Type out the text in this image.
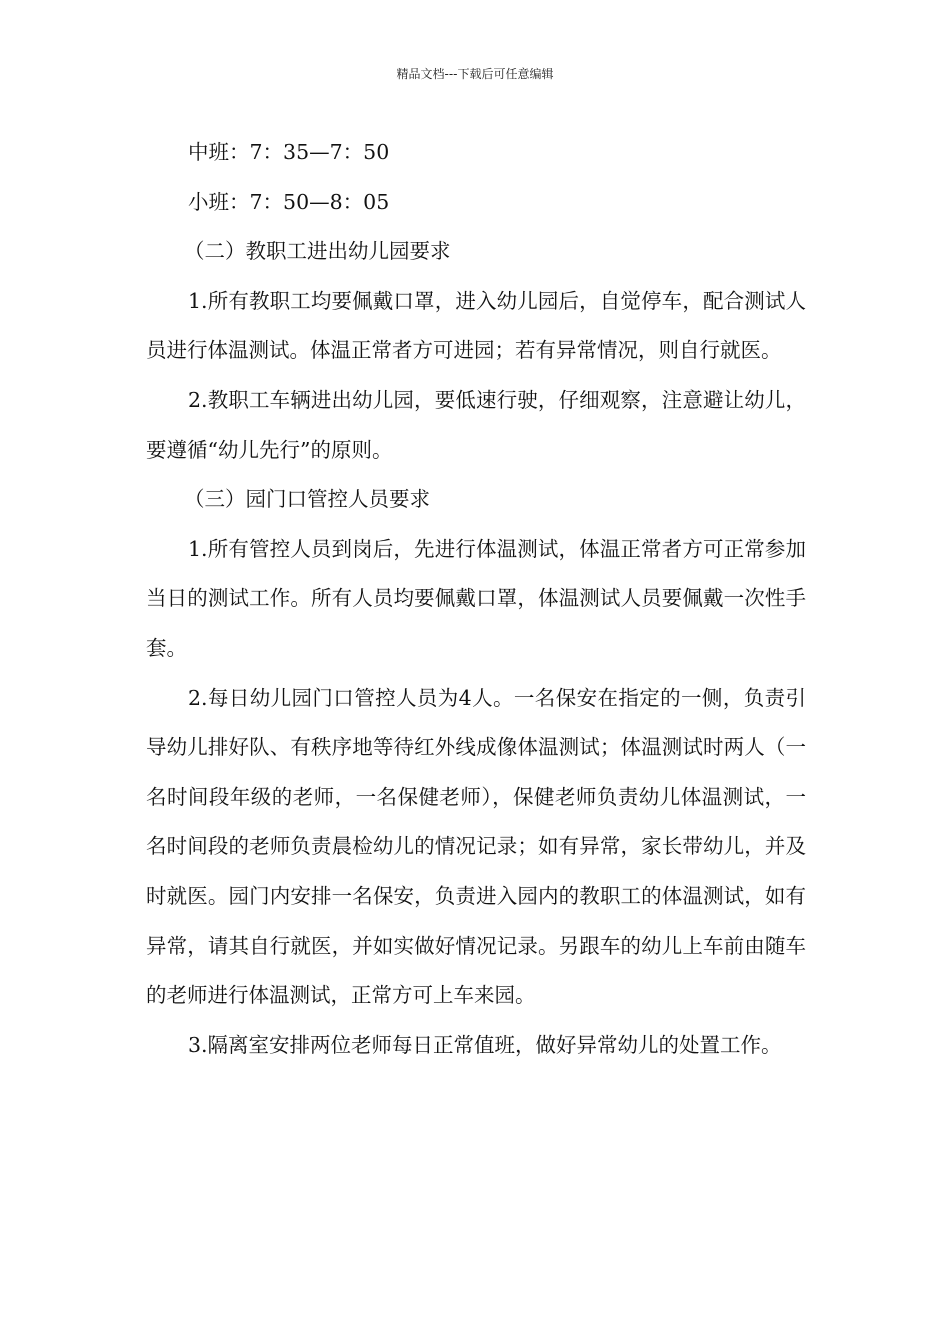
精品文档---下载后可任意编辑

中班：7：35—7：50

小班：7：50—8：05

（二）教职工进出幼儿园要求

1.所有教职工均要佩戴口罩，进入幼儿园后，自觉停车，配合测试人员进行体温测试。体温正常者方可进园；若有异常情况，则自行就医。

2.教职工车辆进出幼儿园，要低速行驶，仔细观察，注意避让幼儿，要遵循“幼儿先行”的原则。

（三）园门口管控人员要求

1.所有管控人员到岗后，先进行体温测试，体温正常者方可正常参加当日的测试工作。所有人员均要佩戴口罩，体温测试人员要佩戴一次性手套。

2.每日幼儿园门口管控人员为4人。一名保安在指定的一侧，负责引导幼儿排好队、有秩序地等待红外线成像体温测试；体温测试时两人（一名时间段年级的老师，一名保健老师），保健老师负责幼儿体温测试，一名时间段的老师负责晨检幼儿的情况记录；如有异常，家长带幼儿，并及时就医。园门内安排一名保安，负责进入园内的教职工的体温测试，如有异常，请其自行就医，并如实做好情况记录。另跟车的幼儿上车前由随车的老师进行体温测试，正常方可上车来园。

3.隔离室安排两位老师每日正常值班，做好异常幼儿的处置工作。
